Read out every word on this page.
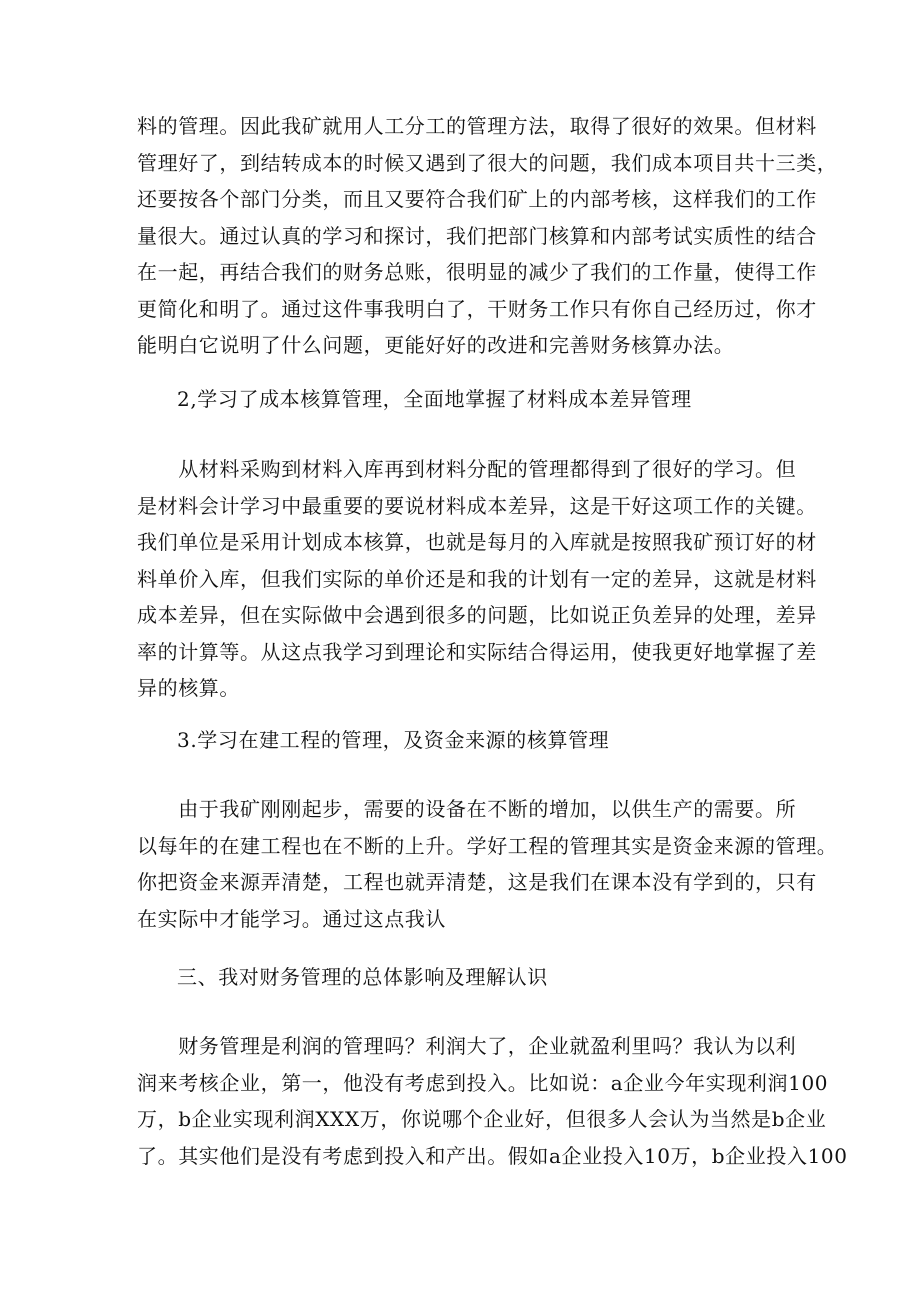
料的管理。因此我矿就用人工分工的管理方法，取得了很好的效果。但材料
管理好了，到结转成本的时候又遇到了很大的问题，我们成本项目共十三类，
还要按各个部门分类，而且又要符合我们矿上的内部考核，这样我们的工作
量很大。通过认真的学习和探讨，我们把部门核算和内部考试实质性的结合
在一起，再结合我们的财务总账，很明显的减少了我们的工作量，使得工作
更简化和明了。通过这件事我明白了，干财务工作只有你自己经历过，你才
能明白它说明了什么问题，更能好好的改进和完善财务核算办法。
2,学习了成本核算管理，全面地掌握了材料成本差异管理
　　从材料采购到材料入库再到材料分配的管理都得到了很好的学习。但
是材料会计学习中最重要的要说材料成本差异，这是干好这项工作的关键。
我们单位是采用计划成本核算，也就是每月的入库就是按照我矿预订好的材
料单价入库，但我们实际的单价还是和我的计划有一定的差异，这就是材料
成本差异，但在实际做中会遇到很多的问题，比如说正负差异的处理，差异
率的计算等。从这点我学习到理论和实际结合得运用，使我更好地掌握了差
异的核算。
3.学习在建工程的管理，及资金来源的核算管理
　　由于我矿刚刚起步，需要的设备在不断的增加，以供生产的需要。所
以每年的在建工程也在不断的上升。学好工程的管理其实是资金来源的管理。
你把资金来源弄清楚，工程也就弄清楚，这是我们在课本没有学到的，只有
在实际中才能学习。通过这点我认
三、我对财务管理的总体影响及理解认识
　　财务管理是利润的管理吗？利润大了，企业就盈利里吗？我认为以利
润来考核企业，第一，他没有考虑到投入。比如说：a企业今年实现利润100
万，b企业实现利润XXX万，你说哪个企业好，但很多人会认为当然是b企业
了。其实他们是没有考虑到投入和产出。假如a企业投入10万，b企业投入100
